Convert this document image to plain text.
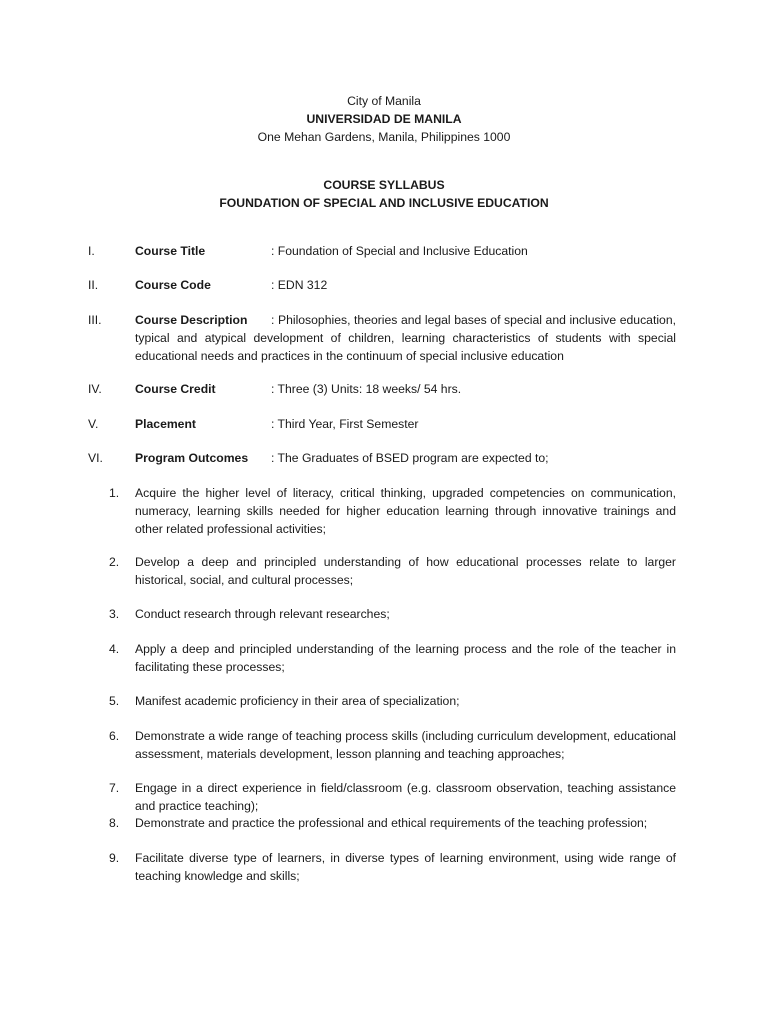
City of Manila
UNIVERSIDAD DE MANILA
One Mehan Gardens, Manila, Philippines 1000
COURSE SYLLABUS
FOUNDATION OF SPECIAL AND INCLUSIVE EDUCATION
I.	Course Title	: Foundation of Special and Inclusive Education
II.	Course Code	: EDN 312
III.	Course Description	: Philosophies, theories and legal bases of special and inclusive education, typical and atypical development of children, learning characteristics of students with special educational needs and practices in the continuum of special inclusive education
IV.	Course Credit	: Three (3) Units: 18 weeks/ 54 hrs.
V.	Placement	: Third Year, First Semester
VI.	Program Outcomes : The Graduates of BSED program are expected to;
1.	Acquire the higher level of literacy, critical thinking, upgraded competencies on communication, numeracy, learning skills needed for higher education learning through innovative trainings and other related professional activities;
2.	Develop a deep and principled understanding of how educational processes relate to larger historical, social, and cultural processes;
3.	Conduct research through relevant researches;
4.	Apply a deep and principled understanding of the learning process and the role of the teacher in facilitating these processes;
5.	Manifest academic proficiency in their area of specialization;
6.	Demonstrate a wide range of teaching process skills (including curriculum development, educational assessment, materials development, lesson planning and teaching approaches;
7.	Engage in a direct experience in field/classroom (e.g. classroom observation, teaching assistance and practice teaching);
8.	Demonstrate and practice the professional and ethical requirements of the teaching profession;
9.	Facilitate diverse type of learners, in diverse types of learning environment, using wide range of teaching knowledge and skills;
